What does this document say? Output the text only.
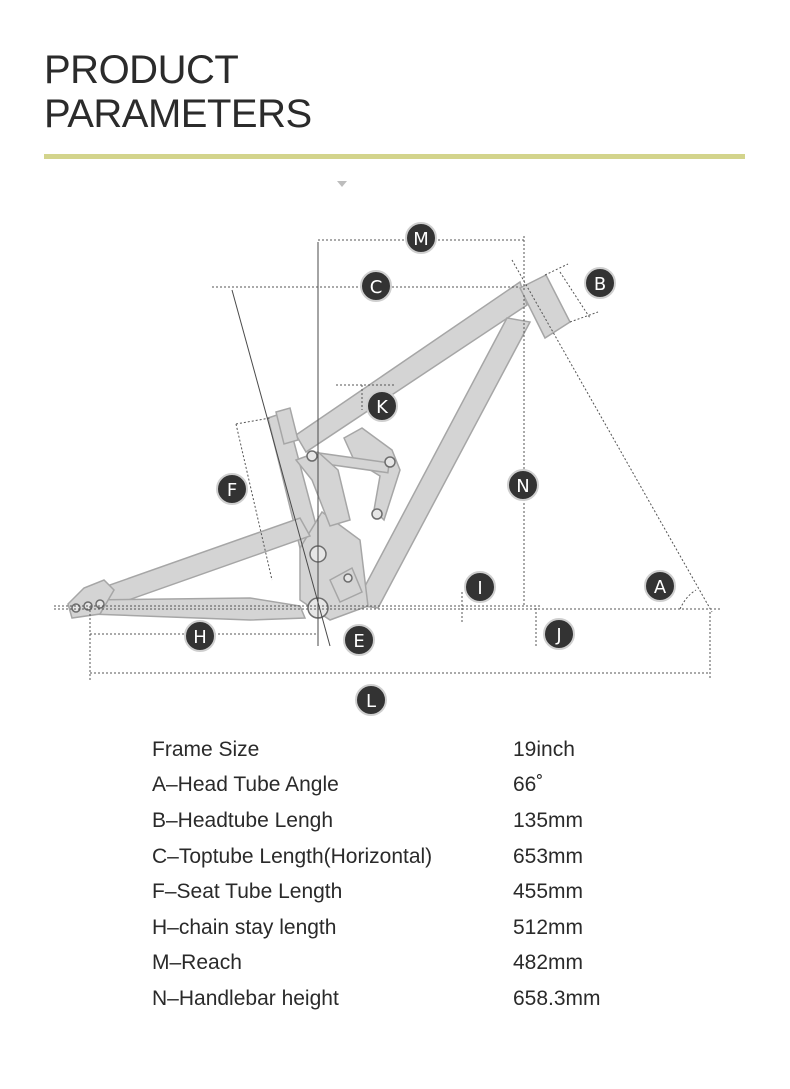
PRODUCT
PARAMETERS
M
C	B
K
F	N
I	A
H	E	J
L
Frame Size	19inch
A–Head Tube Angle	66˚
B–Headtube Lengh	135mm
C–Toptube Length(Horizontal)	653mm
F–Seat Tube Length	455mm
H–chain stay length	512mm
M–Reach	482mm
N–Handlebar height	658.3mm
